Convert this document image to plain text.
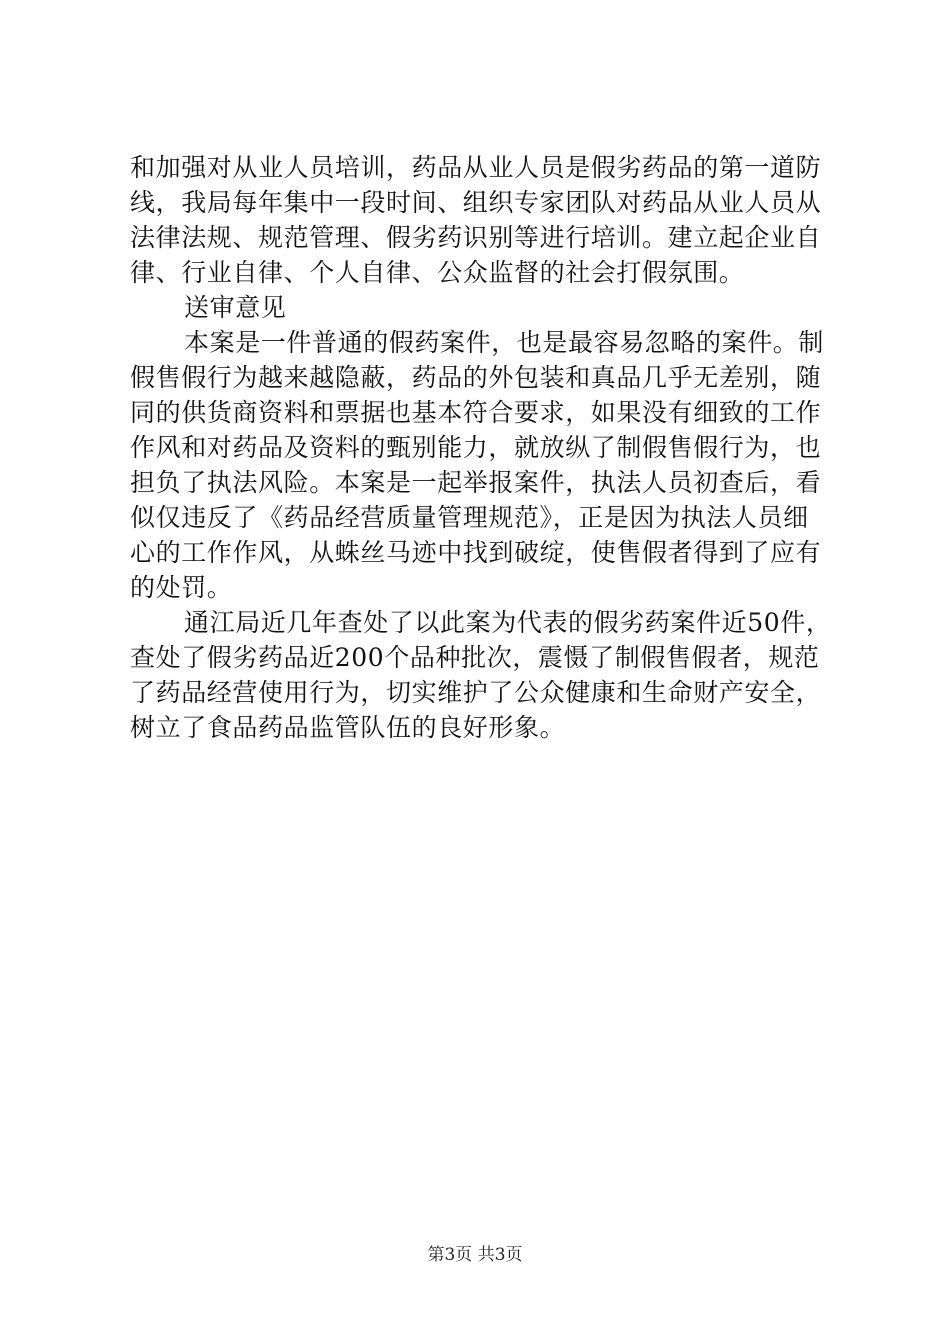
和加强对从业人员培训，药品从业人员是假劣药品的第一道防
线，我局每年集中一段时间、组织专家团队对药品从业人员从
法律法规、规范管理、假劣药识别等进行培训。建立起企业自
律、行业自律、个人自律、公众监督的社会打假氛围。
送审意见
本案是一件普通的假药案件，也是最容易忽略的案件。制
假售假行为越来越隐蔽，药品的外包装和真品几乎无差别，随
同的供货商资料和票据也基本符合要求，如果没有细致的工作
作风和对药品及资料的甄别能力，就放纵了制假售假行为，也
担负了执法风险。本案是一起举报案件，执法人员初查后，看
似仅违反了《药品经营质量管理规范》，正是因为执法人员细
心的工作作风，从蛛丝马迹中找到破绽，使售假者得到了应有
的处罚。
通江局近几年查处了以此案为代表的假劣药案件近50件，
查处了假劣药品近200个品种批次，震慑了制假售假者，规范
了药品经营使用行为，切实维护了公众健康和生命财产安全，
树立了食品药品监管队伍的良好形象。
第3页 共3页
